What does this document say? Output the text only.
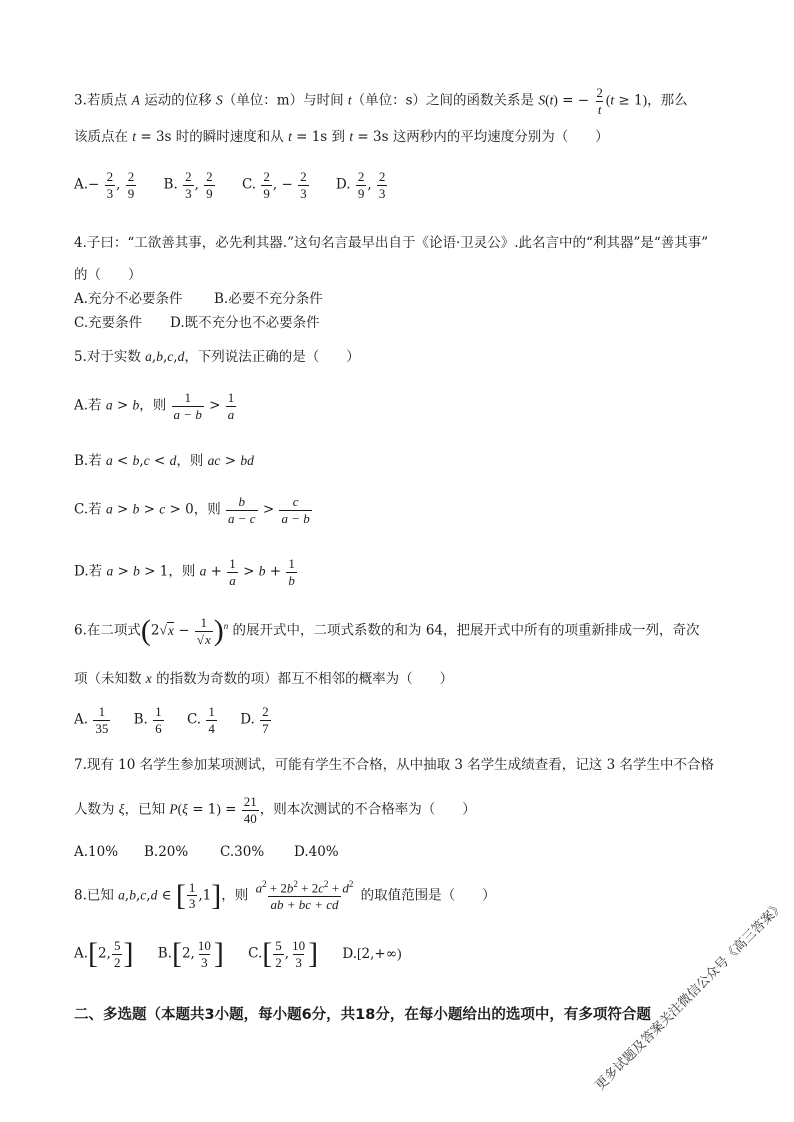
3.若质点 A 运动的位移 S（单位：m）与时间 t（单位：s）之间的函数关系是 S(t) = − $\frac{2}{t} (t \ge 1)$，那么
该质点在 t = 3s 时的瞬时速度和从 t = 1s 到 t = 3s 这两秒内的平均速度分别为（　　）
$A.- \frac{2}{3}$ , $\frac{2}{9} B$. $\frac{2}{3}$ , $\frac{2}{9} C$. $\frac{2}{9}$ , − $\frac{2}{3} D$. $\frac{2}{9}$ , $\frac{2}{3}$
4.子曰：“工欲善其事，必先利其器.”这句名言最早出自于《论语·卫灵公》.此名言中的“利其器”是“善其事”
的（　　）
A.充分不必要条件 B.必要不充分条件
C.充要条件 D.既不充分也不必要条件
5.对于实数 a,b,c,d，下列说法正确的是（　　）
A.若 a > b，则 $\frac{1}{a - b} > \frac{1}{a}$
B.若 a < b,c < d，则 ac > bd
C.若 a > b > c > 0，则 $\frac{b}{a - c} > \frac{c}{a - b}$
D.若 a > b > 1，则 $a + \frac{1}{a} > b + \frac{1}{b}$
6.在二项式$(2√x - \frac{1}{√x} )^n$ 的展开式中，二项式系数的和为 64，把展开式中所有的项重新排成一列，奇次
项（未知数 x 的指数为奇数的项）都互不相邻的概率为（　　）
A. $\frac{1}{35} B$. $\frac{1}{6} C$. $\frac{1}{4} D$. $\frac{2}{7}$
7.现有 10 名学生参加某项测试，可能有学生不合格，从中抽取 3 名学生成绩查看，记这 3 名学生中不合格
人数为 ξ，已知 $P(\xi = 1) = \frac{21}{40}$ ，则本次测试的不合格率为（　　）
A.10% B.20% C.30% D.40%
8.已知 a,b,c,d ∈ [ $\frac{1}{3} ,1$]，则 $\frac{a^2 + 2b^2 + 2c^2 + d^2}{ab + bc + cd}$ 的取值范围是（　　）
A.[2, $\frac{5}{2}$ ] B.[2, $\frac{10}{3}$ ] $C.[ \frac{5}{2}$ , $\frac{10}{3}$ ] D.[2,+∞)
二、多选题（本题共3小题，每小题6分，共18分，在每小题给出的选项中，有多项符合题
更多试题及答案关注微信公众号《高三答案》
